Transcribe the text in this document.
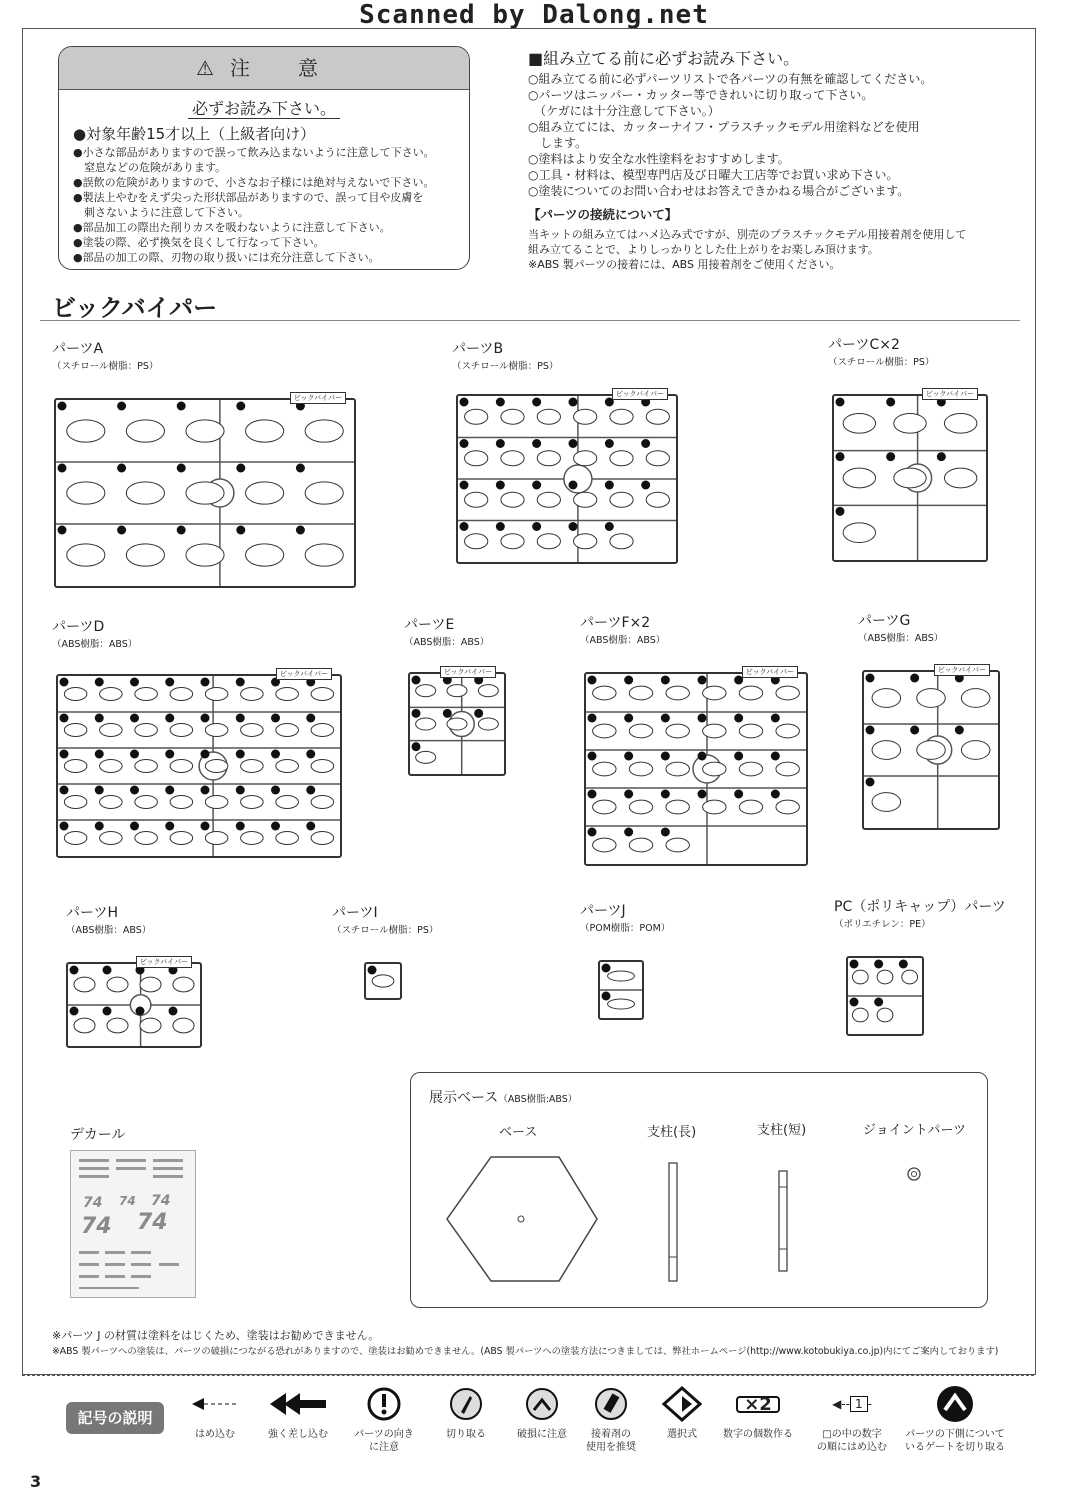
Scanned by Dalong.net
⚠ 注　意
必ずお読み下さい。
●対象年齢15才以上（上級者向け）
●小さな部品がありますので誤って飲み込まないように注意して下さい。
　窒息などの危険があります。
●誤飲の危険がありますので、小さなお子様には絶対与えないで下さい。
●製法上やむをえず尖った形状部品がありますので、誤って目や皮膚を
　刺さないように注意して下さい。
●部品加工の際出た削りカスを吸わないように注意して下さい。
●塗装の際、必ず換気を良くして行なって下さい。
●部品の加工の際、刃物の取り扱いには充分注意して下さい。
■組み立てる前に必ずお読み下さい。
○組み立てる前に必ずパーツリストで各パーツの有無を確認してください。
○パーツはニッパー・カッター等できれいに切り取って下さい。
　（ケガには十分注意して下さい。）
○組み立てには、カッターナイフ・プラスチックモデル用塗料などを使用
　します。
○塗料はより安全な水性塗料をおすすめします。
○工具・材料は、模型専門店及び日曜大工店等でお買い求め下さい。
○塗装についてのお問い合わせはお答えできかねる場合がございます。
【パーツの接続について】
当キットの組み立てはハメ込み式ですが、別売のプラスチックモデル用接着剤を使用して
組み立てることで、よりしっかりとした仕上がりをお楽しみ頂けます。
※ABS 製パーツの接着には、ABS 用接着剤をご使用ください。
ビックバイパー
パーツA
（スチロール樹脂：PS）
ビックバイパー
パーツB
（スチロール樹脂：PS）
ビックバイパー
パーツC×2
（スチロール樹脂：PS）
ビックバイパー
パーツD
（ABS樹脂：ABS）
ビックバイパー
パーツE
（ABS樹脂：ABS）
ビックバイパー
パーツF×2
（ABS樹脂：ABS）
ビックバイパー
パーツG
（ABS樹脂：ABS）
ビックバイパー
パーツH
（ABS樹脂：ABS）
ビックバイパー
パーツI
（スチロール樹脂：PS）
パーツJ
（POM樹脂：POM）
PC（ポリキャップ）パーツ
（ポリエチレン：PE）
デカール
74 74 74
74 74
展示ベース（ABS樹脂:ABS）
ベース	支柱(長)	支柱(短)	ジョイントパーツ
※パーツ J の材質は塗料をはじくため、塗装はお勧めできません。
※ABS 製パーツへの塗装は、パーツの破損につながる恐れがありますので、塗装はお勧めできません。(ABS 製パーツへの塗装方法につきましては、弊社ホームページ(http://www.kotobukiya.co.jp)内にてご案内しております)
記号の説明
はめ込む	強く差し込む	パーツの向き
に注意
切り取る	破損に注意	接着剤の
使用を推奨
選択式
×2
数字の個数作る
◀‐‐ 1 ‐
□の中の数字
の順にはめ込む
パーツの下側について
いるゲートを切り取る
3
